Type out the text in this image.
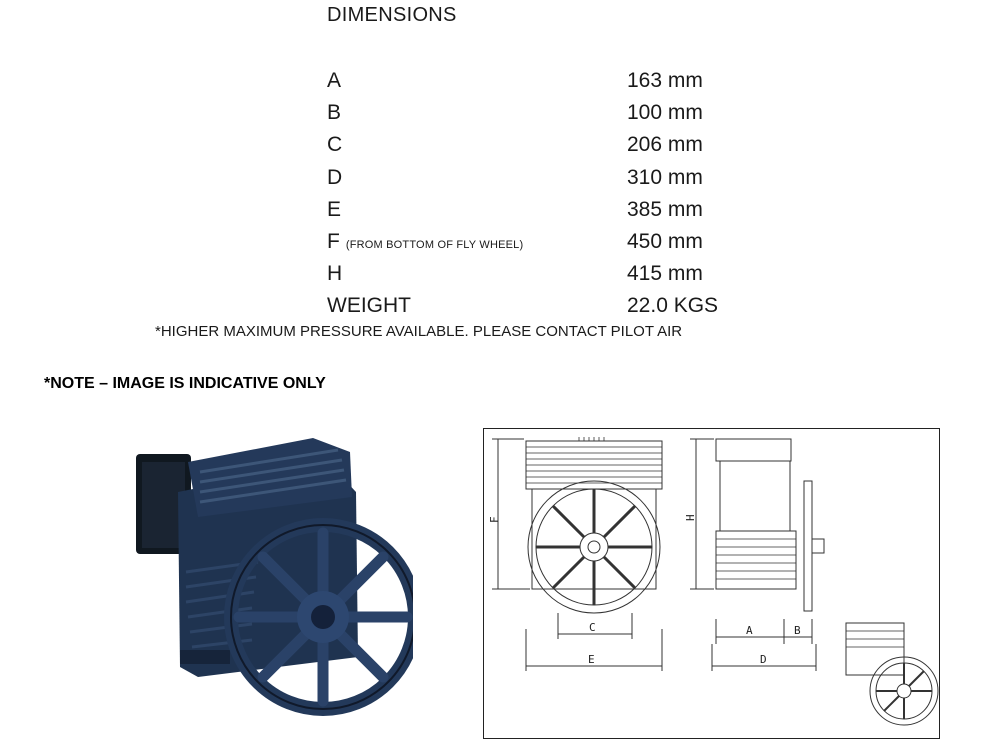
DIMENSIONS
A	163 mm
B	100 mm
C	206 mm
D	310 mm
E	385 mm
F (FROM BOTTOM OF FLY WHEEL)	450 mm
H	415 mm
WEIGHT	22.0 KGS
*HIGHER MAXIMUM PRESSURE AVAILABLE. PLEASE CONTACT PILOT AIR
*NOTE – IMAGE IS INDICATIVE ONLY
F
C
E
H
A	B
D
